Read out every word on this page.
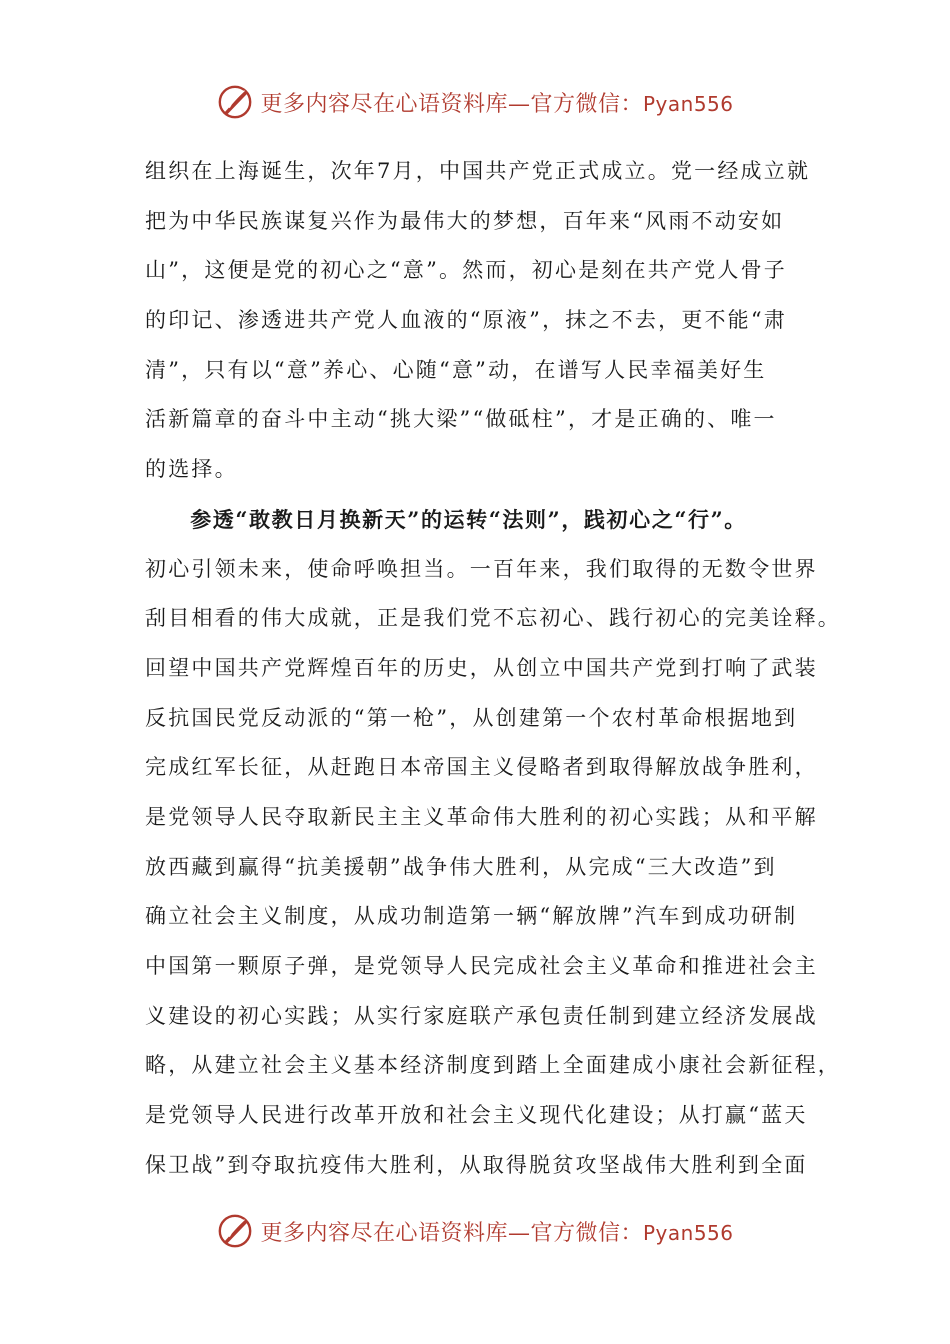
更多内容尽在心语资料库—官方微信：Pyan556
组织在上海诞生，次年7月，中国共产党正式成立。党一经成立就
把为中华民族谋复兴作为最伟大的梦想，百年来“风雨不动安如
山”，这便是党的初心之“意”。然而，初心是刻在共产党人骨子
的印记、渗透进共产党人血液的“原液”，抹之不去，更不能“肃
清”，只有以“意”养心、心随“意”动，在谱写人民幸福美好生
活新篇章的奋斗中主动“挑大梁”“做砥柱”，才是正确的、唯一
的选择。
　　参透“敢教日月换新天”的运转“法则”，践初心之“行”。
初心引领未来，使命呼唤担当。一百年来，我们取得的无数令世界
刮目相看的伟大成就，正是我们党不忘初心、践行初心的完美诠释。
回望中国共产党辉煌百年的历史，从创立中国共产党到打响了武装
反抗国民党反动派的“第一枪”，从创建第一个农村革命根据地到
完成红军长征，从赶跑日本帝国主义侵略者到取得解放战争胜利，
是党领导人民夺取新民主主义革命伟大胜利的初心实践；从和平解
放西藏到赢得“抗美援朝”战争伟大胜利，从完成“三大改造”到
确立社会主义制度，从成功制造第一辆“解放牌”汽车到成功研制
中国第一颗原子弹，是党领导人民完成社会主义革命和推进社会主
义建设的初心实践；从实行家庭联产承包责任制到建立经济发展战
略，从建立社会主义基本经济制度到踏上全面建成小康社会新征程，
是党领导人民进行改革开放和社会主义现代化建设；从打赢“蓝天
保卫战”到夺取抗疫伟大胜利，从取得脱贫攻坚战伟大胜利到全面
更多内容尽在心语资料库—官方微信：Pyan556
